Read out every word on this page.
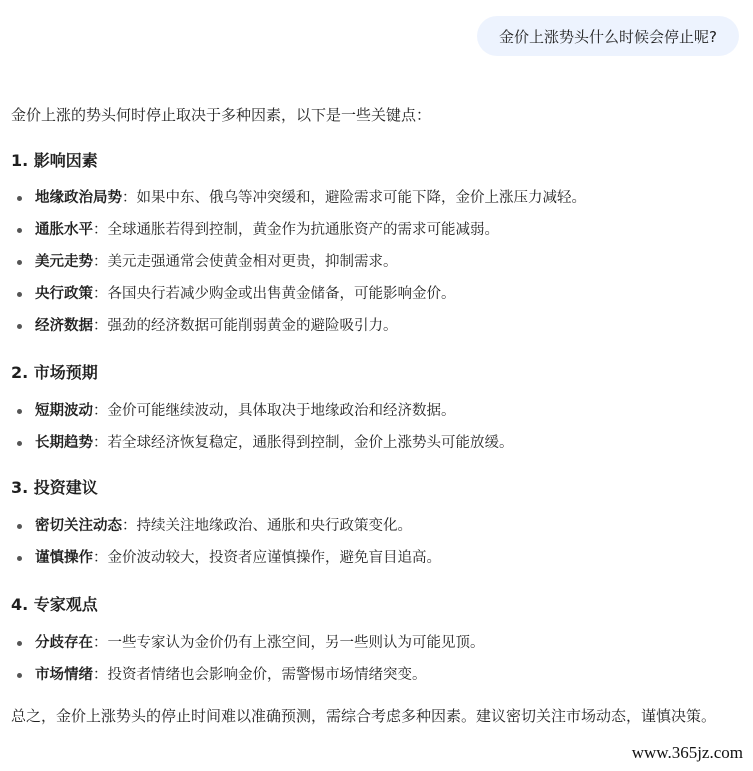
金价上涨势头什么时候会停止呢?

金价上涨的势头何时停止取决于多种因素，以下是一些关键点：

1. 影响因素
地缘政治局势：如果中东、俄乌等冲突缓和，避险需求可能下降，金价上涨压力减轻。
通胀水平：全球通胀若得到控制，黄金作为抗通胀资产的需求可能减弱。
美元走势：美元走强通常会使黄金相对更贵，抑制需求。
央行政策：各国央行若减少购金或出售黄金储备，可能影响金价。
经济数据：强劲的经济数据可能削弱黄金的避险吸引力。
2. 市场预期
短期波动：金价可能继续波动，具体取决于地缘政治和经济数据。
长期趋势：若全球经济恢复稳定，通胀得到控制，金价上涨势头可能放缓。
3. 投资建议
密切关注动态：持续关注地缘政治、通胀和央行政策变化。
谨慎操作：金价波动较大，投资者应谨慎操作，避免盲目追高。
4. 专家观点
分歧存在：一些专家认为金价仍有上涨空间，另一些则认为可能见顶。
市场情绪：投资者情绪也会影响金价，需警惕市场情绪突变。

总之，金价上涨势头的停止时间难以准确预测，需综合考虑多种因素。建议密切关注市场动态，谨慎决策。

www.365jz.com
